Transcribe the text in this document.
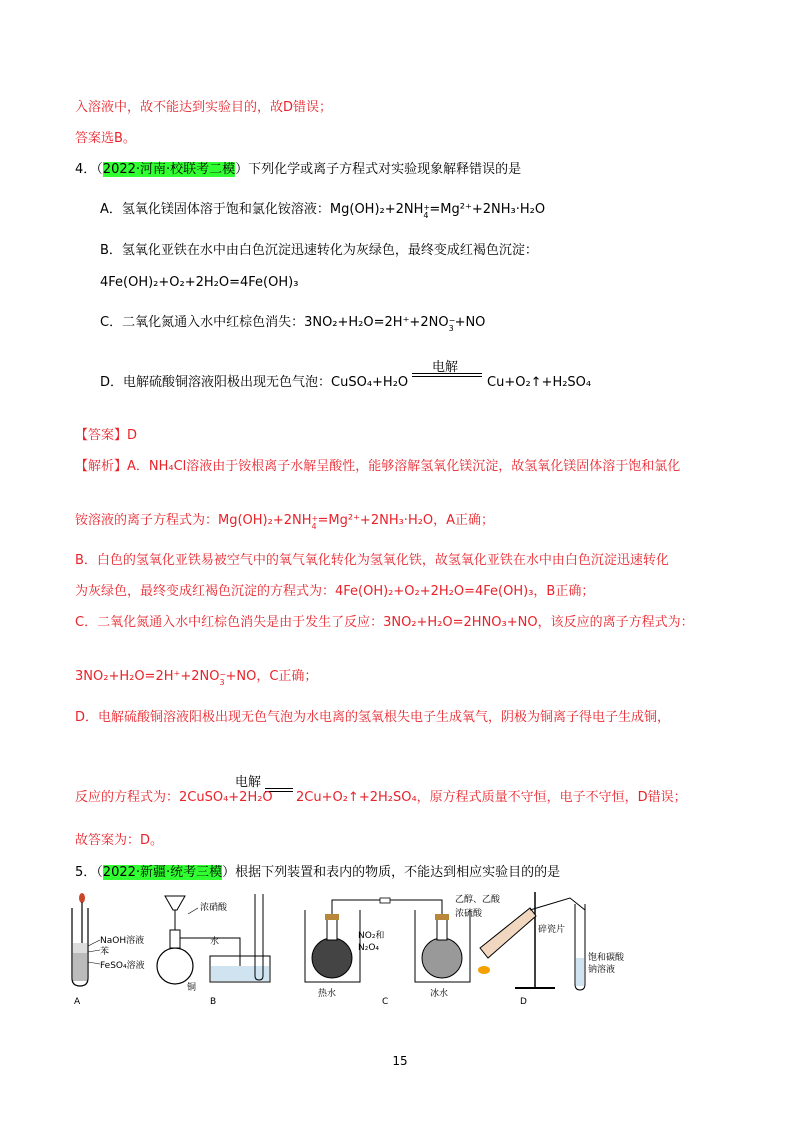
入溶液中，故不能达到实验目的，故D错误；
答案选B。
4．（2022·河南·校联考二模）下列化学或离子方程式对实验现象解释错误的是
A．氢氧化镁固体溶于饱和氯化铵溶液：Mg(OH)₂+2NH +
4 =Mg²⁺+2NH₃·H₂O
B．氢氧化亚铁在水中由白色沉淀迅速转化为灰绿色，最终变成红褐色沉淀：
4Fe(OH)₂+O₂+2H₂O=4Fe(OH)₃
C．二氧化氮通入水中红棕色消失：3NO₂+H₂O=2H⁺+2NO −
3 +NO
D．电解硫酸铜溶液阳极出现无色气泡：CuSO₄+H₂O
电解
Cu+O₂↑+H₂SO₄
【答案】D
【解析】A．NH₄Cl溶液由于铵根离子水解呈酸性，能够溶解氢氧化镁沉淀，故氢氧化镁固体溶于饱和氯化
铵溶液的离子方程式为：Mg(OH)₂+2NH +
4 =Mg²⁺+2NH₃·H₂O，A正确；
B．白色的氢氧化亚铁易被空气中的氧气氧化转化为氢氧化铁，故氢氧化亚铁在水中由白色沉淀迅速转化
为灰绿色，最终变成红褐色沉淀的方程式为：4Fe(OH)₂+O₂+2H₂O=4Fe(OH)₃，B正确；
C．二氧化氮通入水中红棕色消失是由于发生了反应：3NO₂+H₂O=2HNO₃+NO，该反应的离子方程式为：
3NO₂+H₂O=2H⁺+2NO −
3 +NO，C正确；
D．电解硫酸铜溶液阳极出现无色气泡为水电离的氢氧根失电子生成氧气，阴极为铜离子得电子生成铜，
电解
反应的方程式为：2CuSO₄+2H₂O 2Cu+O₂↑+2H₂SO₄，原方程式质量不守恒，电子不守恒，D错误；
故答案为：D。
5．（2022·新疆·统考三模）根据下列装置和表内的物质，不能达到相应实验目的的是
NaOH溶液
苯
FeSO₄溶液
A
浓硝酸
水
铜
B
NO₂和
N₂O₄
热水	冰水
C
乙醇、乙酸
浓硫酸
碎瓷片
饱和碳酸
钠溶液
D
15
